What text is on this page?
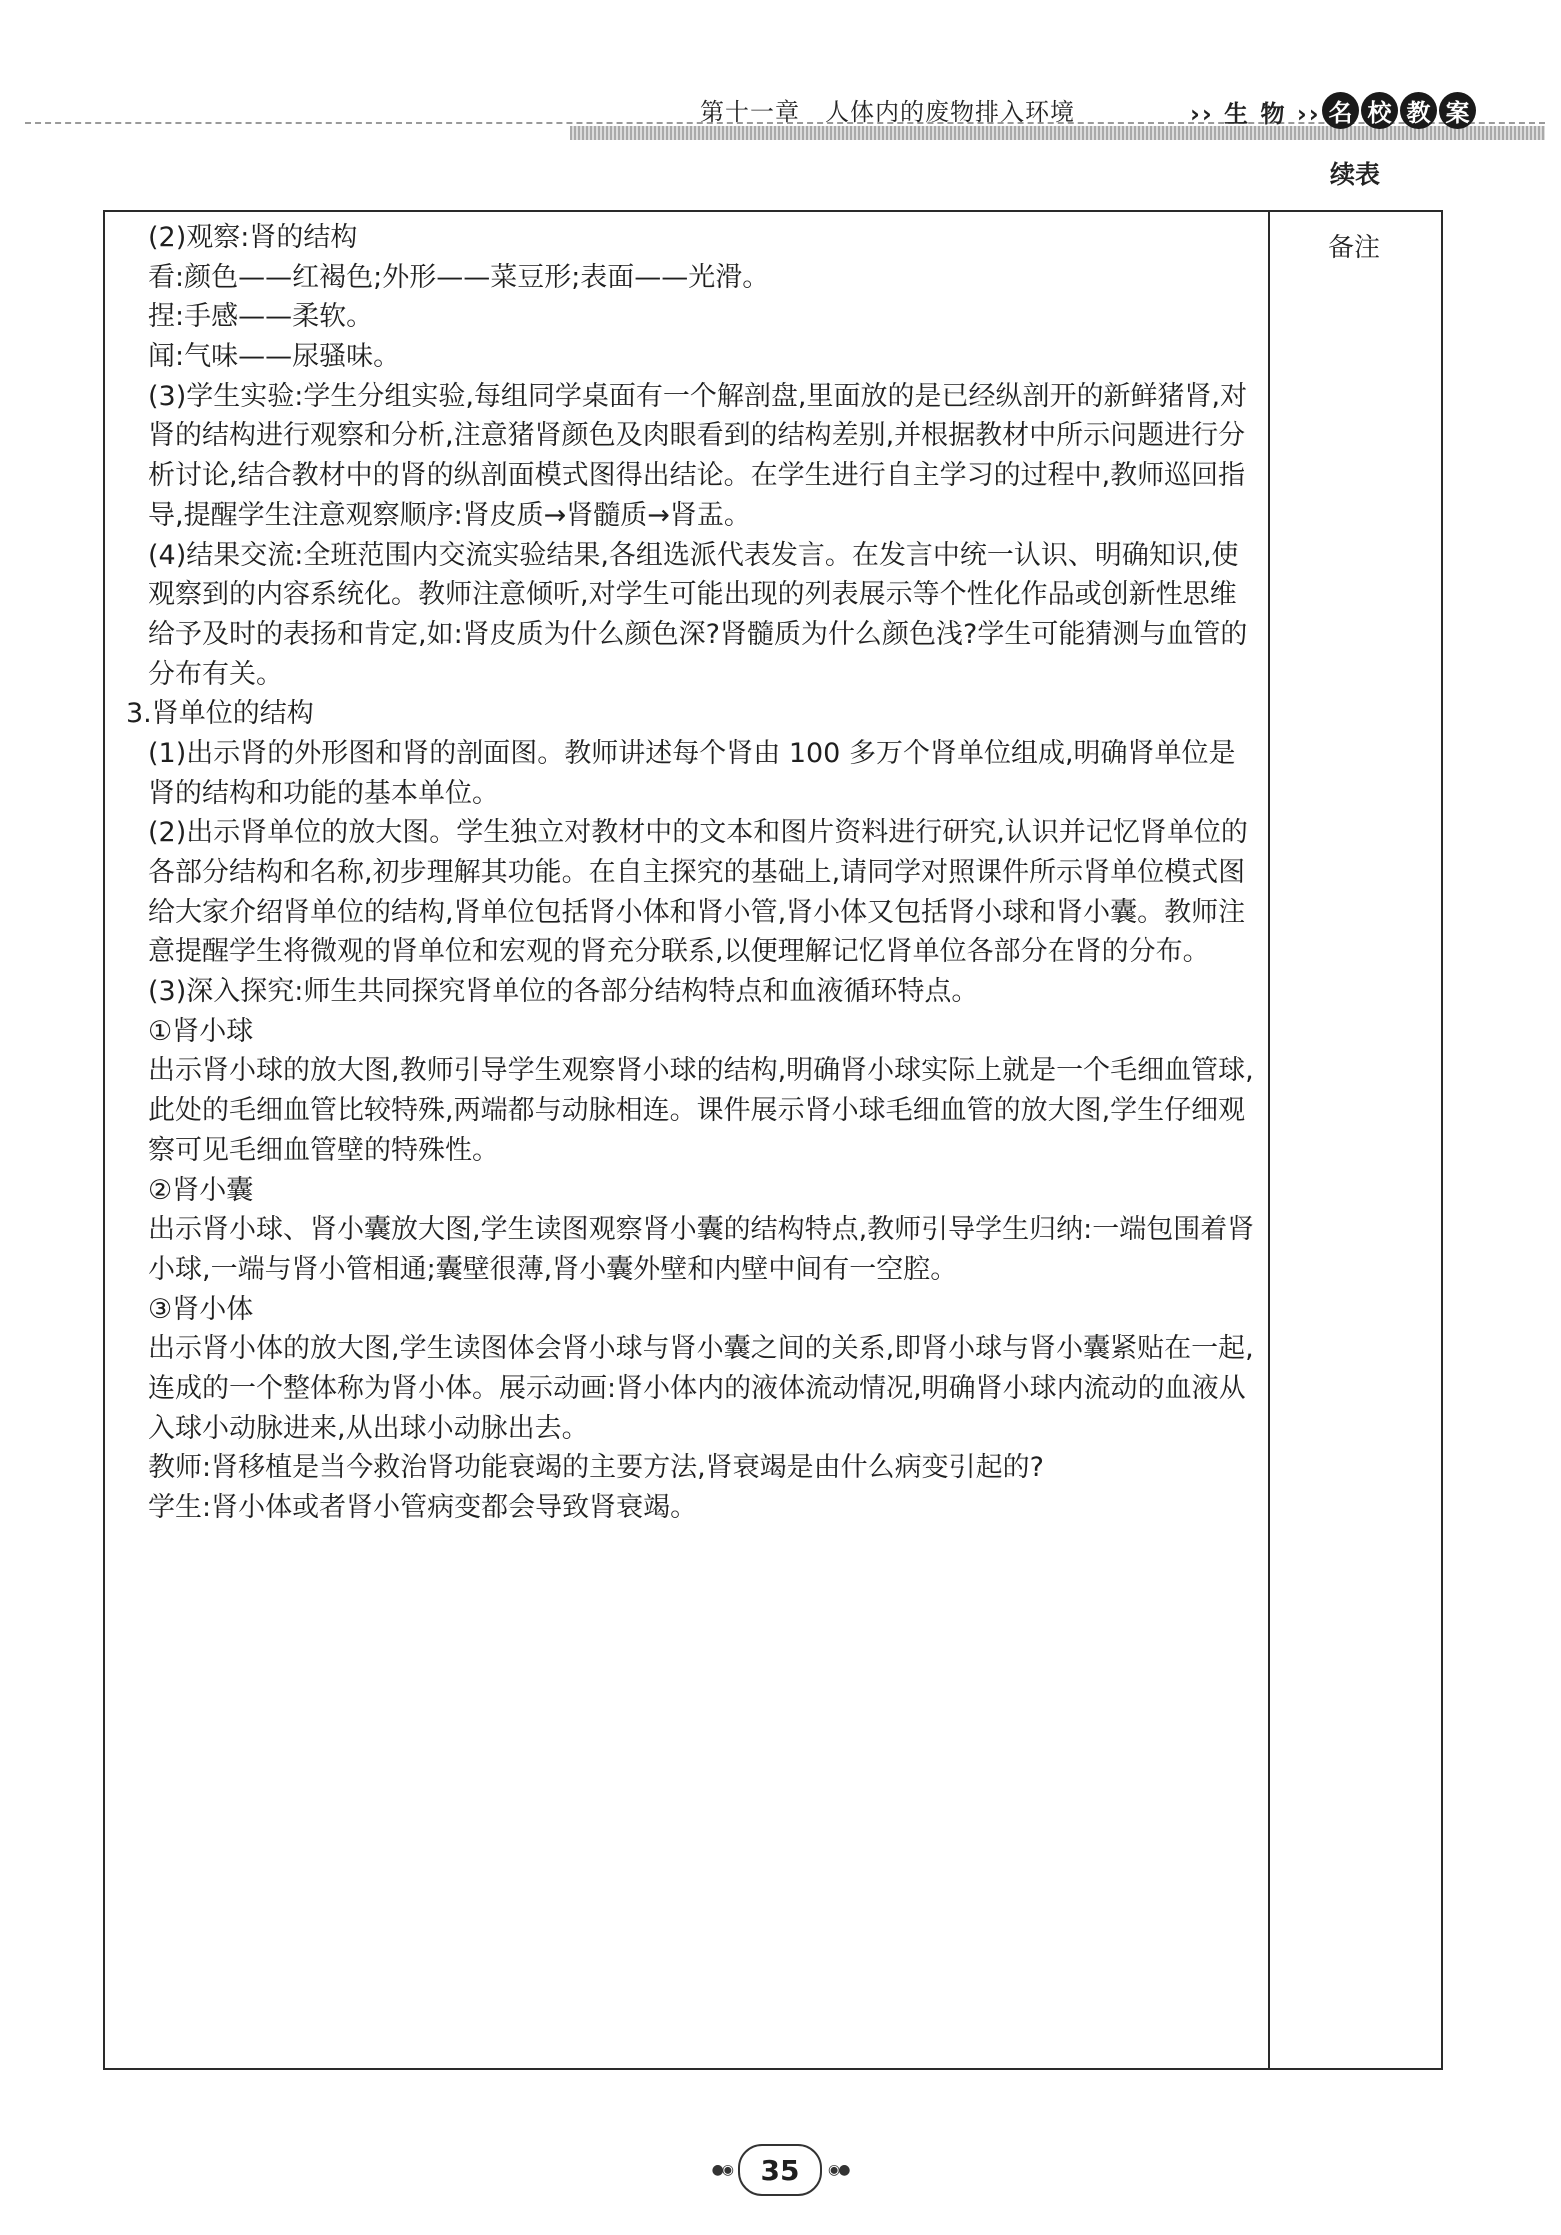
第十一章　人体内的废物排入环境	›› 生 物 ›› 名 校 教 案
续表
备注

(2)观察:肾的结构

看:颜色——红褐色;外形——菜豆形;表面——光滑。

捏:手感——柔软。

闻:气味——尿骚味。

(3)学生实验:学生分组实验,每组同学桌面有一个解剖盘,里面放的是已经纵剖开的新鲜猪肾,对肾的结构进行观察和分析,注意猪肾颜色及肉眼看到的结构差别,并根据教材中所示问题进行分析讨论,结合教材中的肾的纵剖面模式图得出结论。在学生进行自主学习的过程中,教师巡回指导,提醒学生注意观察顺序:肾皮质→肾髓质→肾盂。

(4)结果交流:全班范围内交流实验结果,各组选派代表发言。在发言中统一认识、明确知识,使观察到的内容系统化。教师注意倾听,对学生可能出现的列表展示等个性化作品或创新性思维给予及时的表扬和肯定,如:肾皮质为什么颜色深?肾髓质为什么颜色浅?学生可能猜测与血管的分布有关。

3.肾单位的结构

(1)出示肾的外形图和肾的剖面图。教师讲述每个肾由 100 多万个肾单位组成,明确肾单位是肾的结构和功能的基本单位。

(2)出示肾单位的放大图。学生独立对教材中的文本和图片资料进行研究,认识并记忆肾单位的各部分结构和名称,初步理解其功能。在自主探究的基础上,请同学对照课件所示肾单位模式图给大家介绍肾单位的结构,肾单位包括肾小体和肾小管,肾小体又包括肾小球和肾小囊。教师注意提醒学生将微观的肾单位和宏观的肾充分联系,以便理解记忆肾单位各部分在肾的分布。

(3)深入探究:师生共同探究肾单位的各部分结构特点和血液循环特点。

①肾小球

出示肾小球的放大图,教师引导学生观察肾小球的结构,明确肾小球实际上就是一个毛细血管球,此处的毛细血管比较特殊,两端都与动脉相连。课件展示肾小球毛细血管的放大图,学生仔细观察可见毛细血管壁的特殊性。

②肾小囊

出示肾小球、肾小囊放大图,学生读图观察肾小囊的结构特点,教师引导学生归纳:一端包围着肾小球,一端与肾小管相通;囊壁很薄,肾小囊外壁和内壁中间有一空腔。

③肾小体

出示肾小体的放大图,学生读图体会肾小球与肾小囊之间的关系,即肾小球与肾小囊紧贴在一起,连成的一个整体称为肾小体。展示动画:肾小体内的液体流动情况,明确肾小球内流动的血液从入球小动脉进来,从出球小动脉出去。

教师:肾移植是当今救治肾功能衰竭的主要方法,肾衰竭是由什么病变引起的?

学生:肾小体或者肾小管病变都会导致肾衰竭。

●◉	35	◉●
